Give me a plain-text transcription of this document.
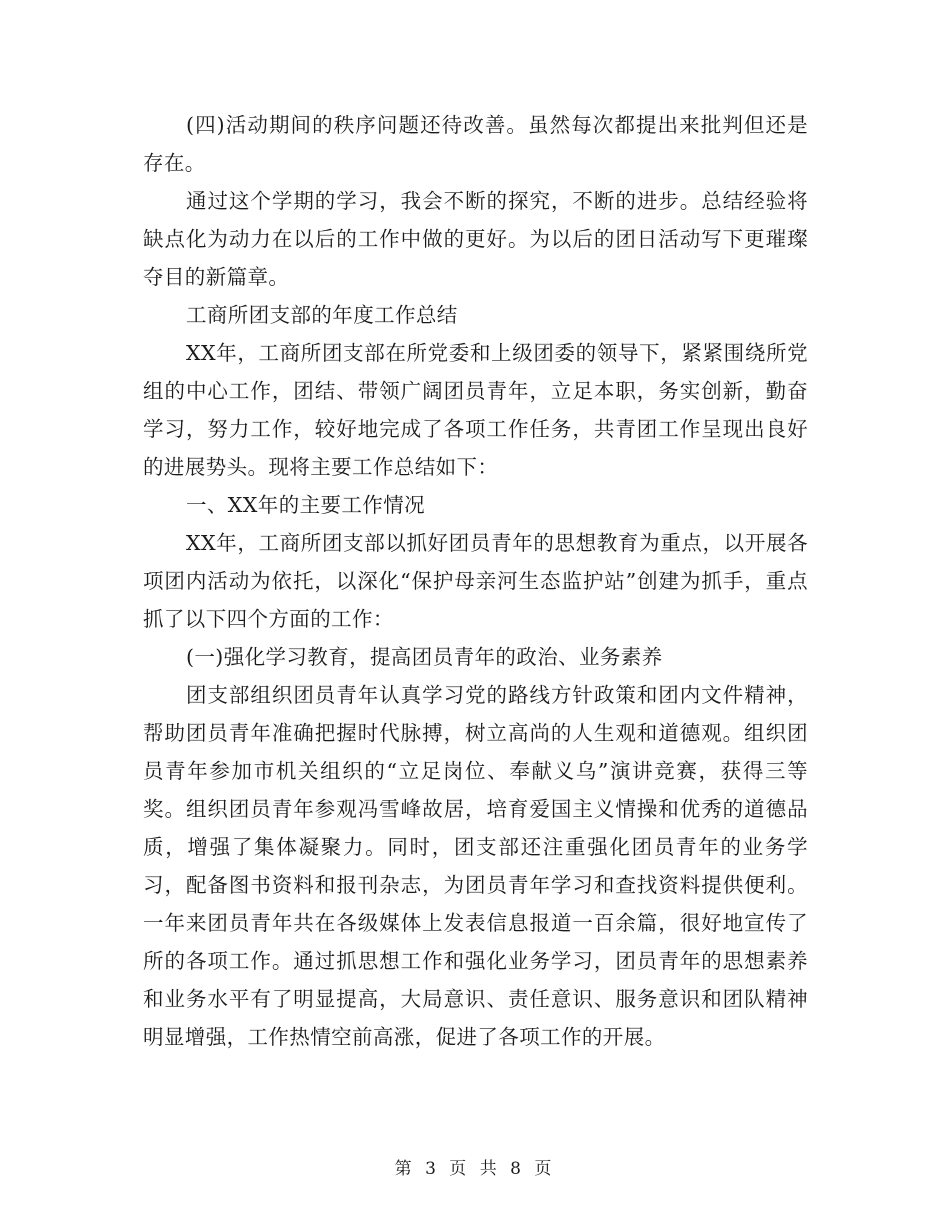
(四)活动期间的秩序问题还待改善。虽然每次都提出来批判但还是存在。

通过这个学期的学习，我会不断的探究，不断的进步。总结经验将缺点化为动力在以后的工作中做的更好。为以后的团日活动写下更璀璨夺目的新篇章。

工商所团支部的年度工作总结

XX年，工商所团支部在所党委和上级团委的领导下，紧紧围绕所党组的中心工作，团结、带领广阔团员青年，立足本职，务实创新，勤奋学习，努力工作，较好地完成了各项工作任务，共青团工作呈现出良好的进展势头。现将主要工作总结如下：

一、XX年的主要工作情况

XX年，工商所团支部以抓好团员青年的思想教育为重点，以开展各项团内活动为依托，以深化“保护母亲河生态监护站”创建为抓手，重点抓了以下四个方面的工作：

(一)强化学习教育，提高团员青年的政治、业务素养

团支部组织团员青年认真学习党的路线方针政策和团内文件精神，帮助团员青年准确把握时代脉搏，树立高尚的人生观和道德观。组织团员青年参加市机关组织的“立足岗位、奉献义乌”演讲竞赛，获得三等奖。组织团员青年参观冯雪峰故居，培育爱国主义情操和优秀的道德品质，增强了集体凝聚力。同时，团支部还注重强化团员青年的业务学习，配备图书资料和报刊杂志，为团员青年学习和查找资料提供便利。一年来团员青年共在各级媒体上发表信息报道一百余篇，很好地宣传了所的各项工作。通过抓思想工作和强化业务学习，团员青年的思想素养和业务水平有了明显提高，大局意识、责任意识、服务意识和团队精神明显增强，工作热情空前高涨，促进了各项工作的开展。

第 3 页 共 8 页
